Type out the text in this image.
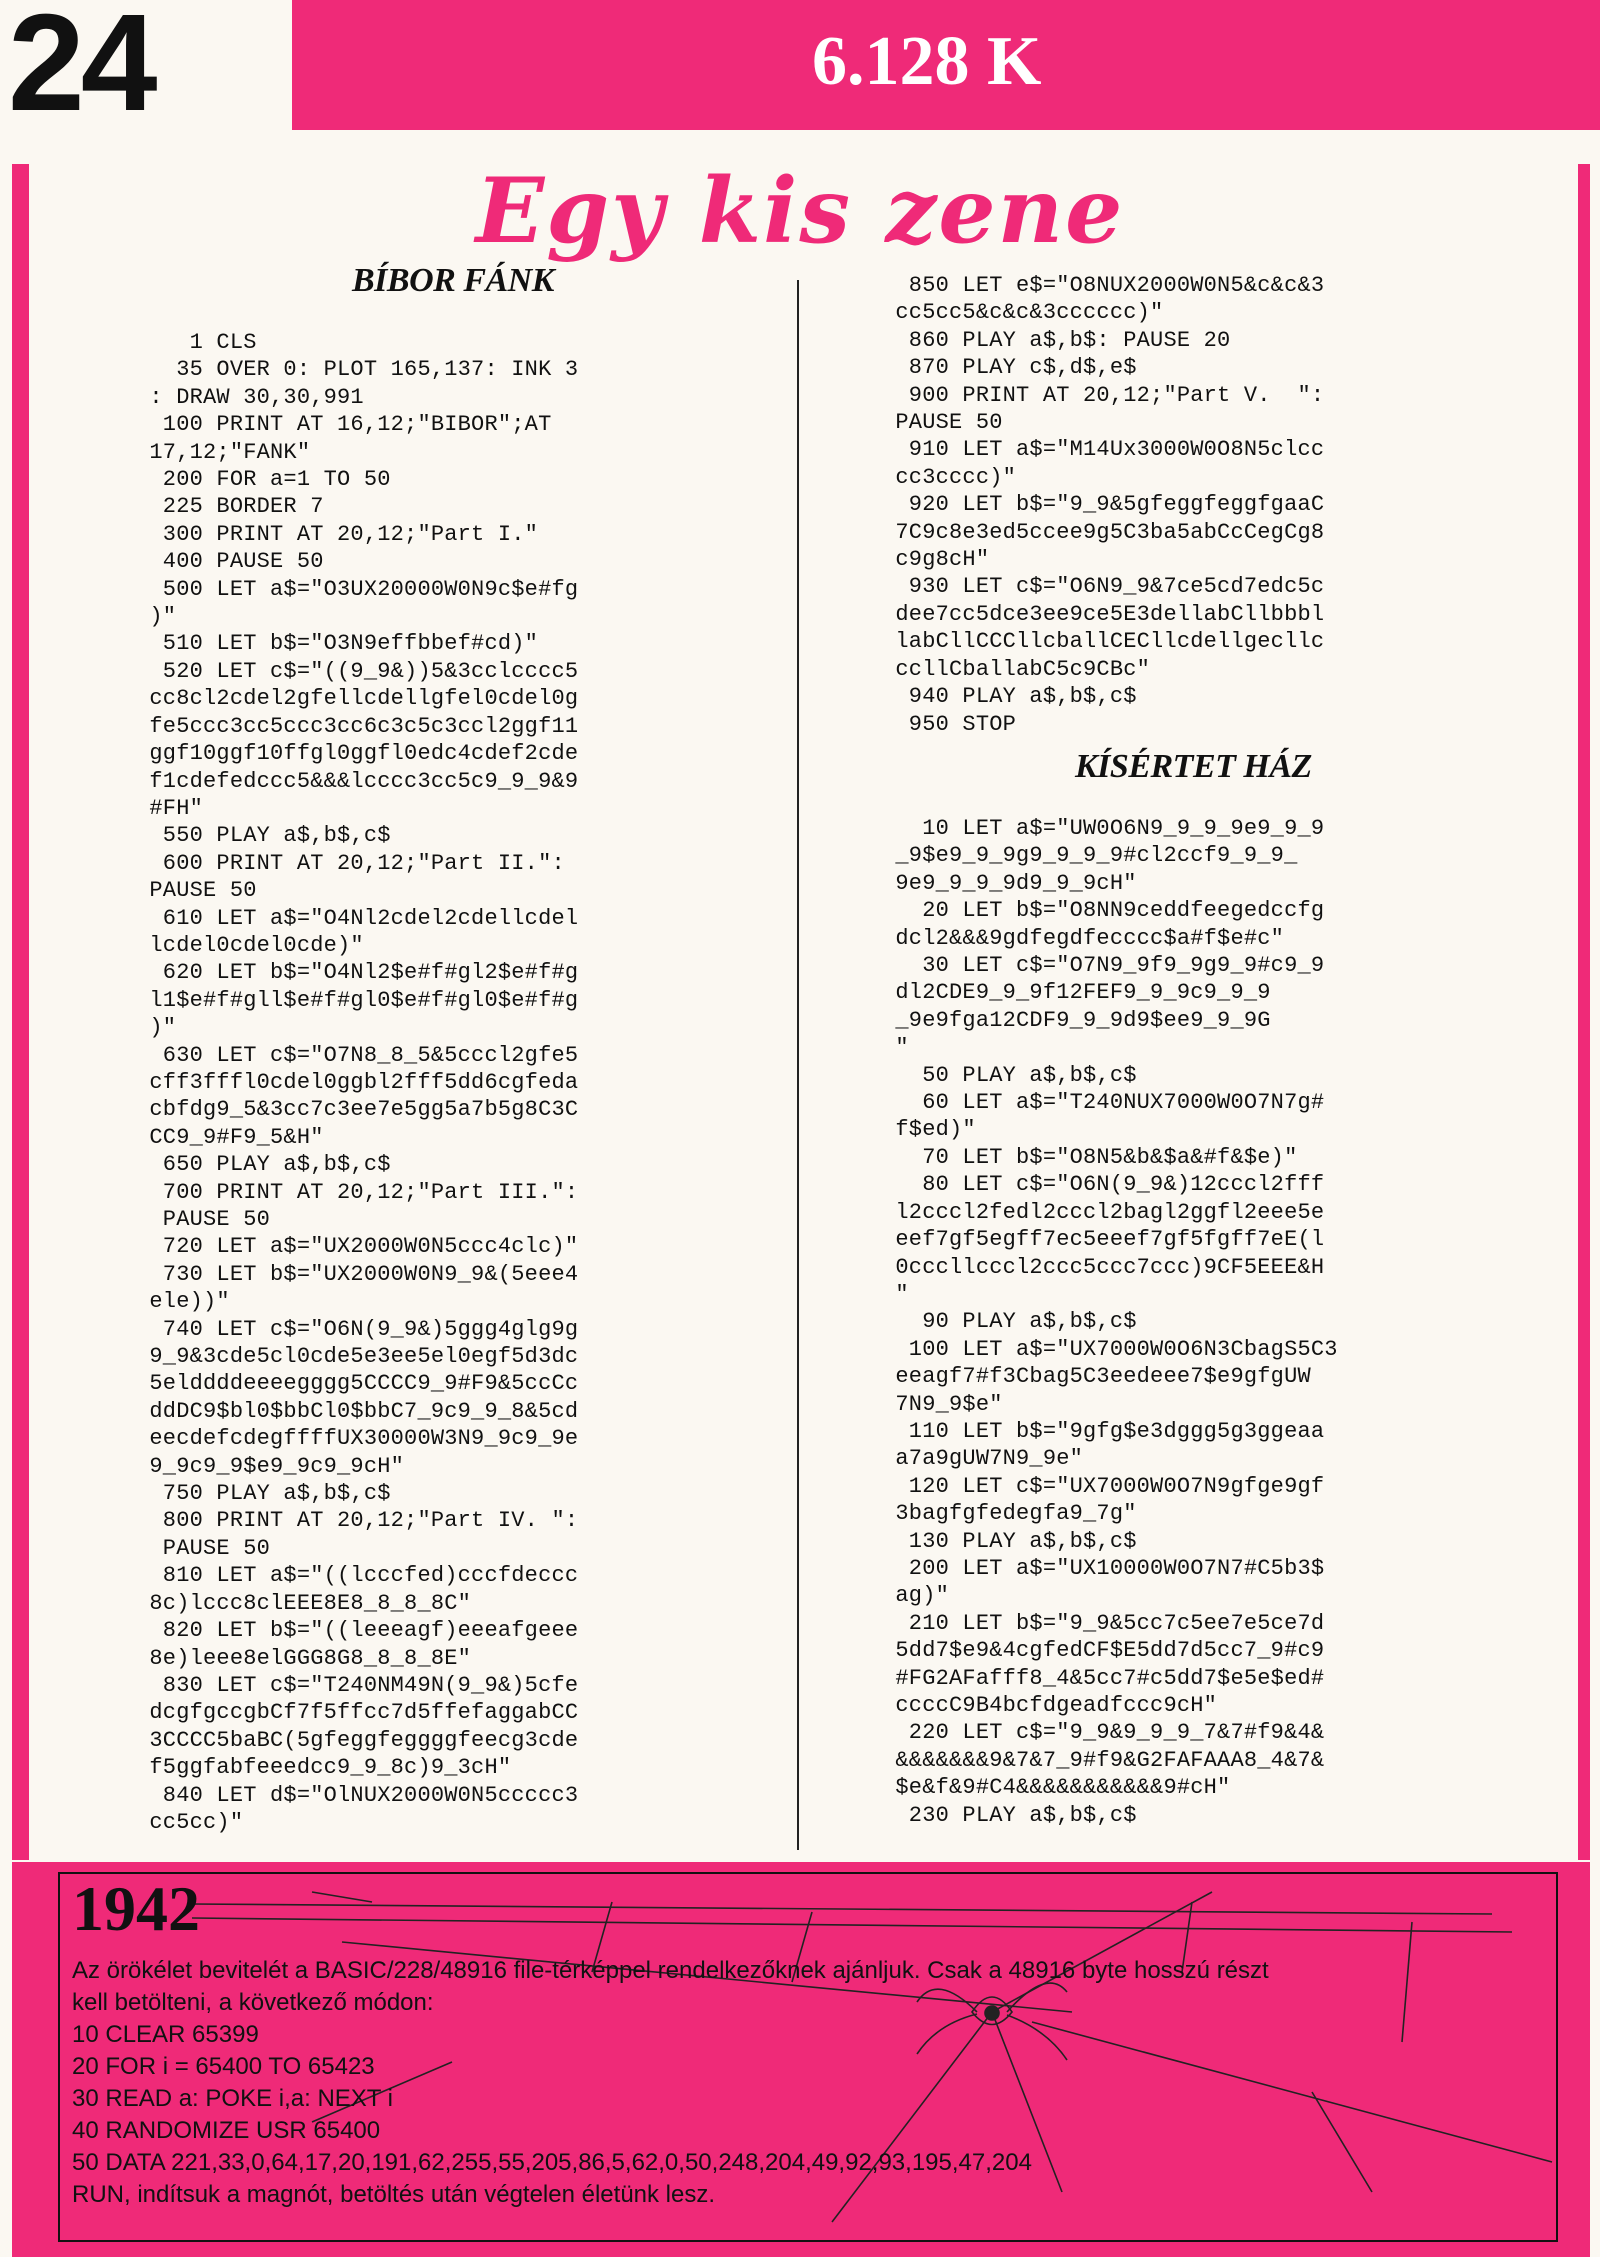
24	6.128 K
Egy kis zene
BÍBOR FÁNK
1 CLS
35 OVER 0: PLOT 165,137: INK 3
: DRAW 30,30,991
100 PRINT AT 16,12;"BIBOR";AT
17,12;"FANK"
200 FOR a=1 TO 50
225 BORDER 7
300 PRINT AT 20,12;"Part I."
400 PAUSE 50
500 LET a$="O3UX20000W0N9c$e#fg
)"
510 LET b$="O3N9effbbef#cd)"
520 LET c$="((9_9&))5&3cclcccc5
cc8cl2cdel2gfellcdellgfel0cdel0g
fe5ccc3cc5ccc3cc6c3c5c3ccl2ggf11
ggf10ggf10ffgl0ggfl0edc4cdef2cde
f1cdefedccc5&&&lcccc3cc5c9_9_9&9
#FH"
550 PLAY a$,b$,c$
600 PRINT AT 20,12;"Part II.":
PAUSE 50
610 LET a$="O4Nl2cdel2cdellcdel
lcdel0cdel0cde)"
620 LET b$="O4Nl2$e#f#gl2$e#f#g
l1$e#f#gll$e#f#gl0$e#f#gl0$e#f#g
)"
630 LET c$="O7N8_8_5&5cccl2gfe5
cff3fffl0cdel0ggbl2fff5dd6cgfeda
cbfdg9_5&3cc7c3ee7e5gg5a7b5g8C3C
CC9_9#F9_5&H"
650 PLAY a$,b$,c$
700 PRINT AT 20,12;"Part III.":
PAUSE 50
720 LET a$="UX2000W0N5ccc4clc)"
730 LET b$="UX2000W0N9_9&(5eee4
ele))"
740 LET c$="O6N(9_9&)5ggg4glg9g
9_9&3cde5cl0cde5e3ee5el0egf5d3dc
5elddddeeeegggg5CCCC9_9#F9&5ccCc
ddDC9$bl0$bbCl0$bbC7_9c9_9_8&5cd
eecdefcdegffffUX30000W3N9_9c9_9e
9_9c9_9$e9_9c9_9cH"
750 PLAY a$,b$,c$
800 PRINT AT 20,12;"Part IV. ":
PAUSE 50
810 LET a$="((lcccfed)cccfdeccc
8c)lccc8clEEE8E8_8_8_8C"
820 LET b$="((leeeagf)eeeafgeee
8e)leee8elGGG8G8_8_8_8E"
830 LET c$="T240NM49N(9_9&)5cfe
dcgfgccgbCf7f5ffcc7d5ffefaggabCC
3CCCC5baBC(5gfeggfeggggfeecg3cde
f5ggfabfeeedcc9_9_8c)9_3cH"
840 LET d$="OlNUX2000W0N5ccccc3
cc5cc)"
850 LET e$="O8NUX2000W0N5&c&c&3
cc5cc5&c&c&3cccccc)"
860 PLAY a$,b$: PAUSE 20
870 PLAY c$,d$,e$
900 PRINT AT 20,12;"Part V.  ":
PAUSE 50
910 LET a$="M14Ux3000W0O8N5clcc
cc3cccc)"
920 LET b$="9_9&5gfeggfeggfgaaC
7C9c8e3ed5ccee9g5C3ba5abCcCegCg8
c9g8cH"
930 LET c$="O6N9_9&7ce5cd7edc5c
dee7cc5dce3ee9ce5E3dellabCllbbbl
labCllCCCllcballCECllcdellgecllc
ccllCballabC5c9CBc"
940 PLAY a$,b$,c$
950 STOP
KÍSÉRTET HÁZ
10 LET a$="UW0O6N9_9_9_9e9_9_9
_9$e9_9_9g9_9_9_9#cl2ccf9_9_9_
9e9_9_9_9d9_9_9cH"
20 LET b$="O8NN9ceddfeegedccfg
dcl2&&&9gdfegdfecccc$a#f$e#c"
30 LET c$="O7N9_9f9_9g9_9#c9_9
dl2CDE9_9_9f12FEF9_9_9c9_9_9
_9e9fga12CDF9_9_9d9$ee9_9_9G
"
50 PLAY a$,b$,c$
60 LET a$="T240NUX7000W0O7N7g#
f$ed)"
70 LET b$="O8N5&b&$a&#f&$e)"
80 LET c$="O6N(9_9&)12cccl2fff
l2cccl2fedl2cccl2bagl2ggfl2eee5e
eef7gf5egff7ec5eeef7gf5fgff7eE(l
0cccllcccl2ccc5ccc7ccc)9CF5EEE&H
"
90 PLAY a$,b$,c$
100 LET a$="UX7000W0O6N3CbagS5C3
eeagf7#f3Cbag5C3eedeee7$e9gfgUW
7N9_9$e"
110 LET b$="9gfg$e3dggg5g3ggeaa
a7a9gUW7N9_9e"
120 LET c$="UX7000W0O7N9gfge9gf
3bagfgfedegfa9_7g"
130 PLAY a$,b$,c$
200 LET a$="UX10000W0O7N7#C5b3$
ag)"
210 LET b$="9_9&5cc7c5ee7e5ce7d
5dd7$e9&4cgfedCF$E5dd7d5cc7_9#c9
#FG2AFafff8_4&5cc7#c5dd7$e5e$ed#
ccccC9B4bcfdgeadfccc9cH"
220 LET c$="9_9&9_9_9_7&7#f9&4&
&&&&&&&9&7&7_9#f9&G2FAFAAA8_4&7&
$e&f&9#C4&&&&&&&&&&&9#cH"
230 PLAY a$,b$,c$
1942
Az örökélet bevitelét a BASIC/228/48916 file-térképpel rendelkezőknek ajánljuk. Csak a 48916 byte hosszú részt
kell betölteni, a következő módon:
10 CLEAR 65399
20 FOR i = 65400 TO 65423
30 READ a: POKE i,a: NEXT i
40 RANDOMIZE USR 65400
50 DATA 221,33,0,64,17,20,191,62,255,55,205,86,5,62,0,50,248,204,49,92,93,195,47,204
RUN, indítsuk a magnót, betöltés után végtelen életünk lesz.
